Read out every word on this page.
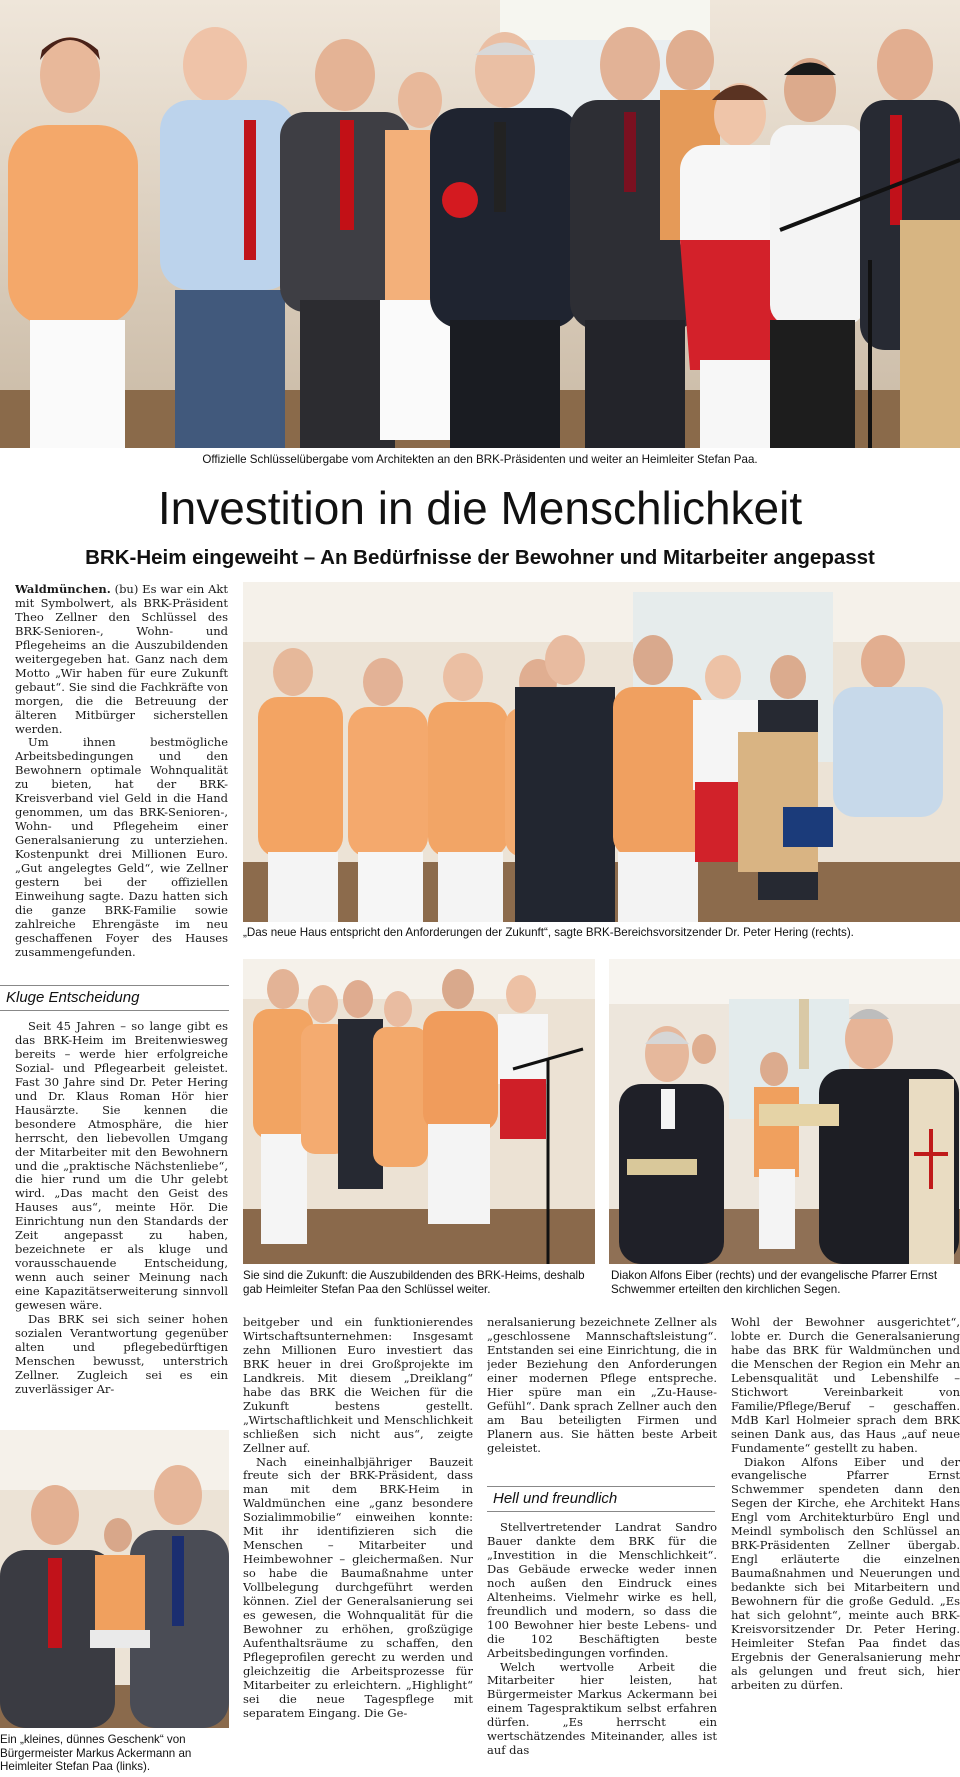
Offizielle Schlüsselübergabe vom Architekten an den BRK-Präsidenten und weiter an Heimleiter Stefan Paa.
Investition in die Menschlichkeit
BRK-Heim eingeweiht – An Bedürfnisse der Bewohner und Mitarbeiter angepasst
„Das neue Haus entspricht den Anforderungen der Zukunft“, sagte BRK-Bereichsvorsitzender Dr. Peter Hering (rechts).
Sie sind die Zukunft: die Auszubildenden des BRK-Heims, deshalb gab Heimleiter Stefan Paa den Schlüssel weiter.
Diakon Alfons Eiber (rechts) und der evangelische Pfarrer Ernst Schwemmer erteilten den kirchlichen Segen.
Ein „kleines, dünnes Geschenk“ von Bürgermeister Markus Ackermann an Heimleiter Stefan Paa (links).

Waldmünchen. (bu) Es war ein Akt mit Symbolwert, als BRK-Präsident Theo Zellner den Schlüssel des BRK-Senioren-, Wohn- und Pflegeheims an die Auszubildenden weitergegeben hat. Ganz nach dem Motto „Wir haben für eure Zukunft gebaut“. Sie sind die Fachkräfte von morgen, die die Betreuung der älteren Mitbürger sicherstellen werden.

Um ihnen bestmögliche Arbeitsbedingungen und den Bewohnern optimale Wohnqualität zu bieten, hat der BRK-Kreisverband viel Geld in die Hand genommen, um das BRK-Senioren-, Wohn- und Pflegeheim einer Generalsanierung zu unterziehen. Kostenpunkt drei Millionen Euro. „Gut angelegtes Geld“, wie Zellner gestern bei der offiziellen Einweihung sagte. Dazu hatten sich die ganze BRK-Familie sowie zahlreiche Ehrengäste im neu geschaffenen Foyer des Hauses zusammengefunden.

Kluge Entscheidung

Seit 45 Jahren – so lange gibt es das BRK-Heim im Breitenwiesweg bereits – werde hier erfolgreiche Sozial- und Pflegearbeit geleistet. Fast 30 Jahre sind Dr. Peter Hering und Dr. Klaus Roman Hör hier Hausärzte. Sie kennen die besondere Atmosphäre, die hier herrscht, den liebevollen Umgang der Mitarbeiter mit den Bewohnern und die „praktische Nächstenliebe“, die hier rund um die Uhr gelebt wird. „Das macht den Geist des Hauses aus“, meinte Hör. Die Einrichtung nun den Standards der Zeit angepasst zu haben, bezeichnete er als kluge und vorausschauende Entscheidung, wenn auch seiner Meinung nach eine Kapazitätserweiterung sinnvoll gewesen wäre.

Das BRK sei sich seiner hohen sozialen Verantwortung gegenüber alten und pflegebedürftigen Menschen bewusst, unterstrich Zellner. Zugleich sei es ein zuverlässiger Ar-

beitgeber und ein funktionierendes Wirtschaftsunternehmen: Insgesamt zehn Millionen Euro investiert das BRK heuer in drei Großprojekte im Landkreis. Mit diesem „Dreiklang“ habe das BRK die Weichen für die Zukunft bestens gestellt. „Wirtschaftlichkeit und Menschlichkeit schließen sich nicht aus“, zeigte Zellner auf.

Nach eineinhalbjähriger Bauzeit freute sich der BRK-Präsident, dass man mit dem BRK-Heim in Waldmünchen eine „ganz besondere Sozialimmobilie“ einweihen konnte: Mit ihr identifizieren sich die Menschen – Mitarbeiter und Heimbewohner – gleichermaßen. Nur so habe die Baumaßnahme unter Vollbelegung durchgeführt werden können. Ziel der Generalsanierung sei es gewesen, die Wohnqualität für die Bewohner zu erhöhen, großzügige Aufenthaltsräume zu schaffen, den Pflegeprofilen gerecht zu werden und gleichzeitig die Arbeitsprozesse für Mitarbeiter zu erleichtern. „Highlight“ sei die neue Tagespflege mit separatem Eingang. Die Ge-

neralsanierung bezeichnete Zellner als „geschlossene Mannschaftsleistung“. Entstanden sei eine Einrichtung, die in jeder Beziehung den Anforderungen einer modernen Pflege entspreche. Hier spüre man ein „Zu-Hause-Gefühl“. Dank sprach Zellner auch den am Bau beteiligten Firmen und Planern aus. Sie hätten beste Arbeit geleistet.

Hell und freundlich

Stellvertretender Landrat Sandro Bauer dankte dem BRK für die „Investition in die Menschlichkeit“. Das Gebäude erwecke weder innen noch außen den Eindruck eines Altenheims. Vielmehr wirke es hell, freundlich und modern, so dass die 100 Bewohner hier beste Lebens- und die 102 Beschäftigten beste Arbeitsbedingungen vorfinden.

Welch wertvolle Arbeit die Mitarbeiter hier leisten, hat Bürgermeister Markus Ackermann bei einem Tagespraktikum selbst erfahren dürfen. „Es herrscht ein wertschätzendes Miteinander, alles ist auf das

Wohl der Bewohner ausgerichtet“, lobte er. Durch die Generalsanierung habe das BRK für Waldmünchen und die Menschen der Region ein Mehr an Lebensqualität und Lebenshilfe – Stichwort Vereinbarkeit von Familie/Pflege/Beruf – geschaffen. MdB Karl Holmeier sprach dem BRK seinen Dank aus, das Haus „auf neue Fundamente“ gestellt zu haben.

Diakon Alfons Eiber und der evangelische Pfarrer Ernst Schwemmer spendeten dann den Segen der Kirche, ehe Architekt Hans Engl vom Architekturbüro Engl und Meindl symbolisch den Schlüssel an BRK-Präsidenten Zellner übergab. Engl erläuterte die einzelnen Baumaßnahmen und Neuerungen und bedankte sich bei Mitarbeitern und Bewohnern für die große Geduld. „Es hat sich gelohnt“, meinte auch BRK-Kreisvorsitzender Dr. Peter Hering. Heimleiter Stefan Paa findet das Ergebnis der Generalsanierung mehr als gelungen und freut sich, hier arbeiten zu dürfen.
